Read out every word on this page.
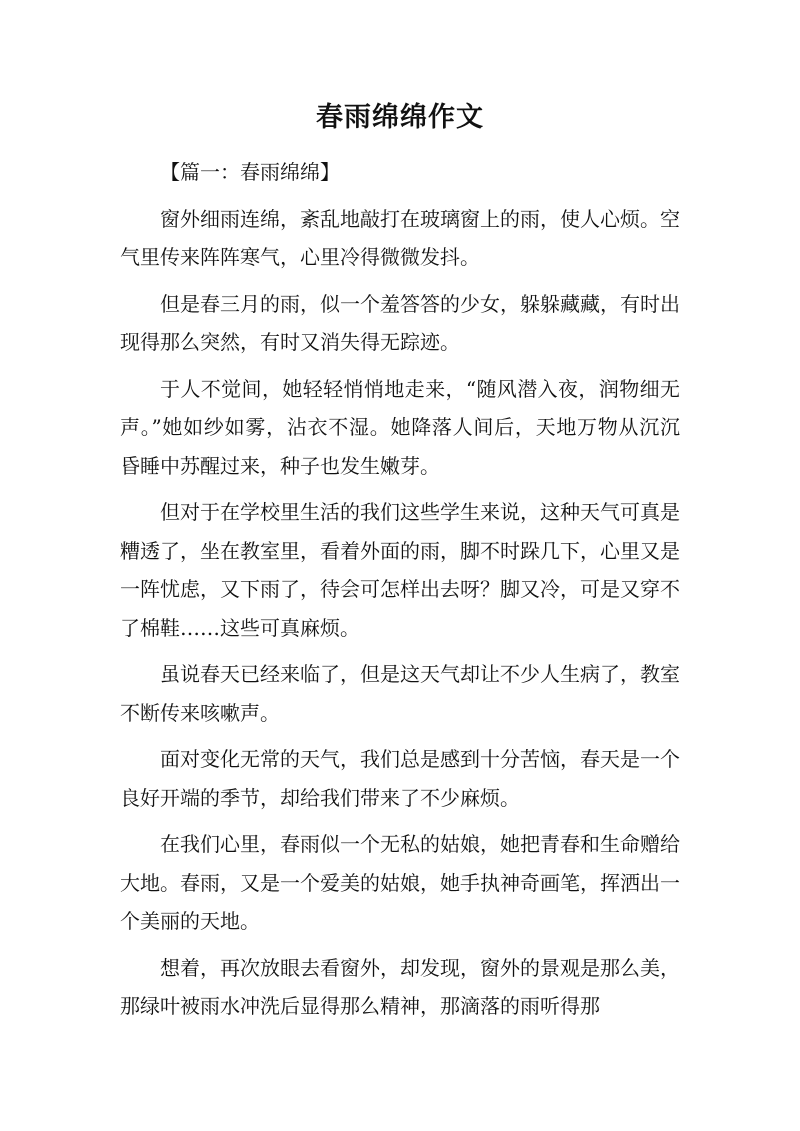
春雨绵绵作文

【篇一：春雨绵绵】

窗外细雨连绵，紊乱地敲打在玻璃窗上的雨，使人心烦。空气里传来阵阵寒气，心里冷得微微发抖。

但是春三月的雨，似一个羞答答的少女，躲躲藏藏，有时出现得那么突然，有时又消失得无踪迹。

于人不觉间，她轻轻悄悄地走来，“随风潜入夜，润物细无声。”她如纱如雾，沾衣不湿。她降落人间后，天地万物从沉沉昏睡中苏醒过来，种子也发生嫩芽。

但对于在学校里生活的我们这些学生来说，这种天气可真是糟透了，坐在教室里，看着外面的雨，脚不时跺几下，心里又是一阵忧虑，又下雨了，待会可怎样出去呀？脚又冷，可是又穿不了棉鞋……这些可真麻烦。

虽说春天已经来临了，但是这天气却让不少人生病了，教室不断传来咳嗽声。

面对变化无常的天气，我们总是感到十分苦恼，春天是一个良好开端的季节，却给我们带来了不少麻烦。

在我们心里，春雨似一个无私的姑娘，她把青春和生命赠给大地。春雨，又是一个爱美的姑娘，她手执神奇画笔，挥洒出一个美丽的天地。

想着，再次放眼去看窗外，却发现，窗外的景观是那么美，那绿叶被雨水冲洗后显得那么精神，那滴落的雨听得那
